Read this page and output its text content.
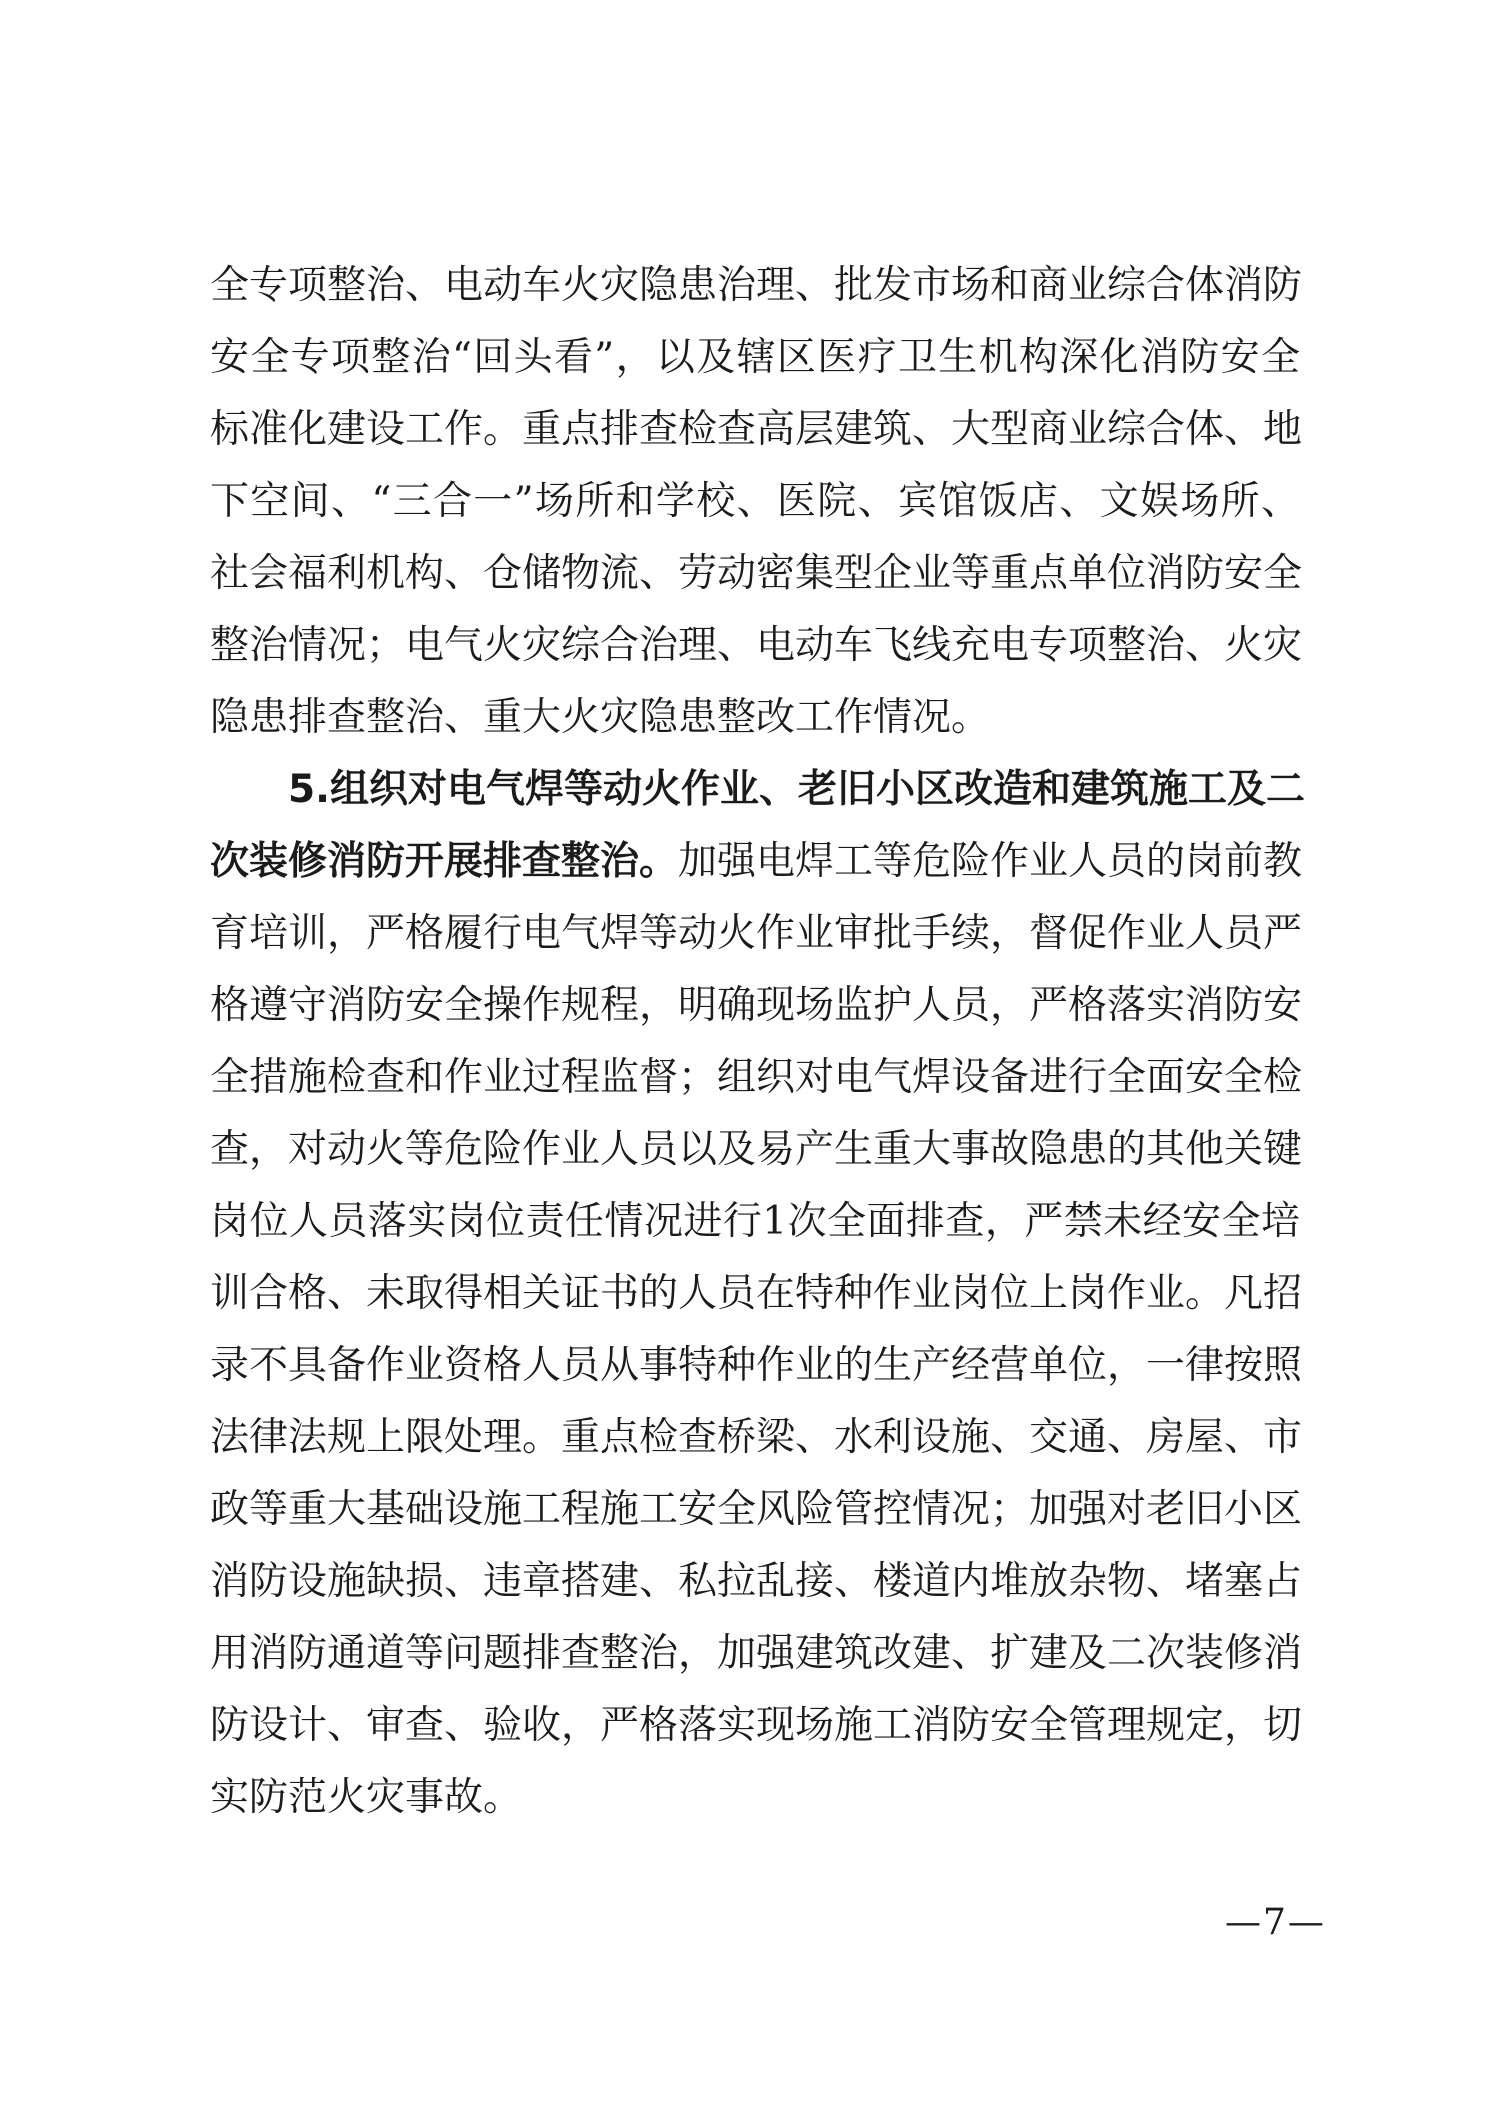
全专项整治、电动车火灾隐患治理、批发市场和商业综合体消防
安全专项整治“回头看”，以及辖区医疗卫生机构深化消防安全
标准化建设工作。重点排查检查高层建筑、大型商业综合体、地
下空间、“三合一”场所和学校、医院、宾馆饭店、文娱场所、
社会福利机构、仓储物流、劳动密集型企业等重点单位消防安全
整治情况；电气火灾综合治理、电动车飞线充电专项整治、火灾
隐患排查整治、重大火灾隐患整改工作情况。
5.组织对电气焊等动火作业、老旧小区改造和建筑施工及二
次装修消防开展排查整治。加强电焊工等危险作业人员的岗前教
育培训，严格履行电气焊等动火作业审批手续，督促作业人员严
格遵守消防安全操作规程，明确现场监护人员，严格落实消防安
全措施检查和作业过程监督；组织对电气焊设备进行全面安全检
查，对动火等危险作业人员以及易产生重大事故隐患的其他关键
岗位人员落实岗位责任情况进行1次全面排查，严禁未经安全培
训合格、未取得相关证书的人员在特种作业岗位上岗作业。凡招
录不具备作业资格人员从事特种作业的生产经营单位，一律按照
法律法规上限处理。重点检查桥梁、水利设施、交通、房屋、市
政等重大基础设施工程施工安全风险管控情况；加强对老旧小区
消防设施缺损、违章搭建、私拉乱接、楼道内堆放杂物、堵塞占
用消防通道等问题排查整治，加强建筑改建、扩建及二次装修消
防设计、审查、验收，严格落实现场施工消防安全管理规定，切
实防范火灾事故。
—7—
